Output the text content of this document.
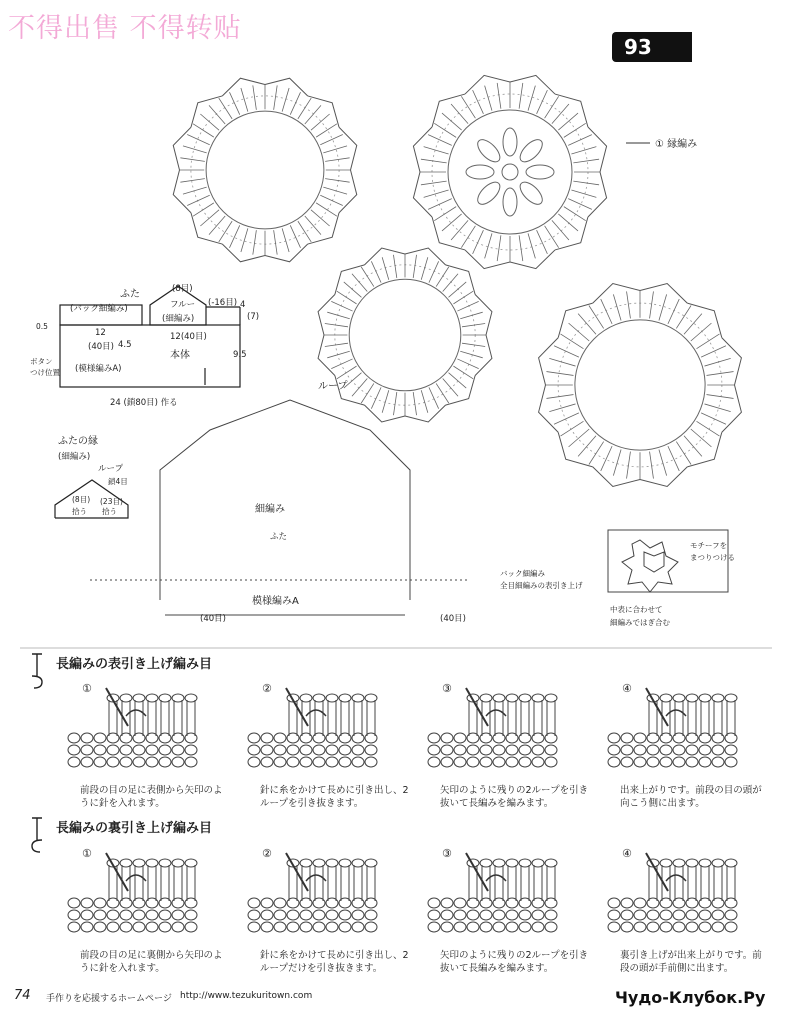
不得出售 不得转贴
93
① 縁編み
ふた	(8目)
フルー
(細編み)
(-16目)
(バック細編み)
12
(40目) 4.5
0.5
12(40目)
本体
(模様編みA)
ボタン つけ位置
9.5
4
(7)
24 (鎖80目) 作る
ループ
ふたの縁
(細編み)
ループ
鎖4目
(8目) (23目)
拾う 拾う	細編み
ふた
模様編みA
(40目)	(40目)
バック細編み
全目細編みの表引き上げ
モチーフを
まつりつける
中表に合わせて
細編みではぎ合む
長編みの表引き上げ編み目
①
前段の目の足に表側から矢印のように針を入れます。
②
針に糸をかけて長めに引き出し、2ループを引き抜きます。
③
矢印のように残りの2ループを引き抜いて長編みを編みます。
④
出来上がりです。前段の目の頭が向こう側に出ます。
長編みの裏引き上げ編み目
①
前段の目の足に裏側から矢印のように針を入れます。
②
針に糸をかけて長めに引き出し、2ループだけを引き抜きます。
③
矢印のように残りの2ループを引き抜いて長編みを編みます。
④
裏引き上げが出来上がりです。前段の頭が手前側に出ます。
74 手作りを応援するホームページ http://www.tezukuritown.com	Чудо-Клубок.Ру
